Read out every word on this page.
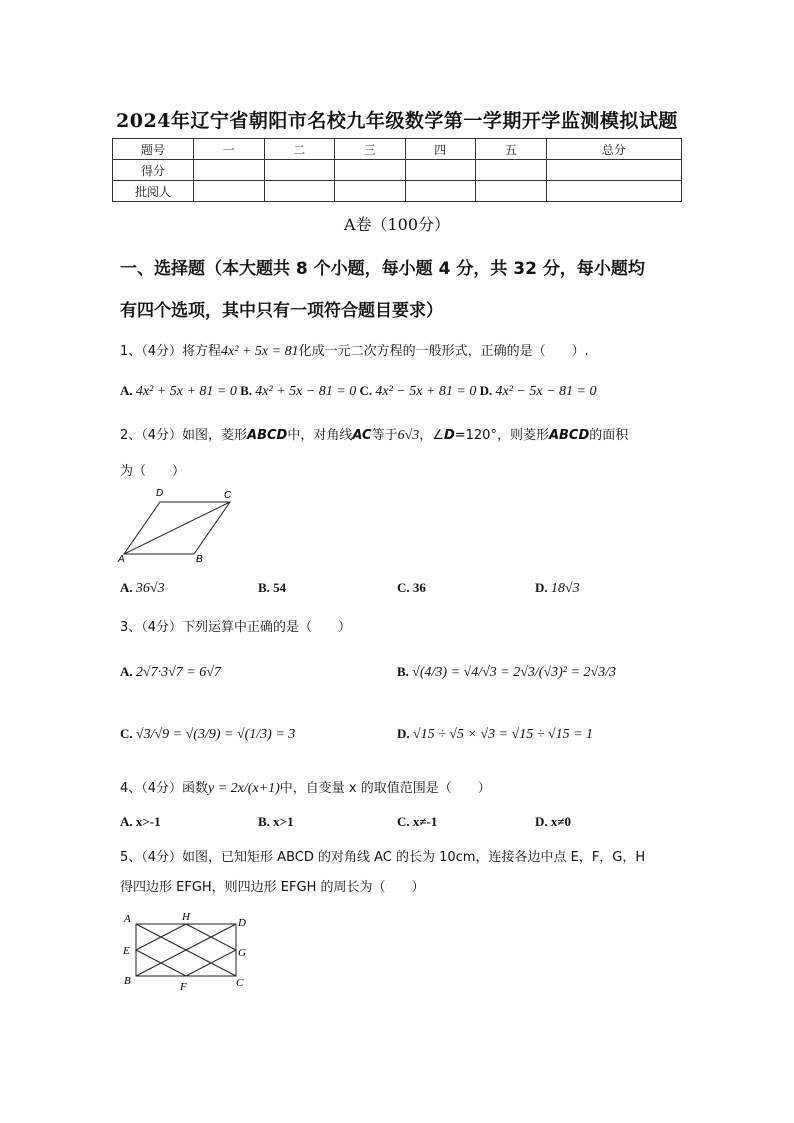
2024年辽宁省朝阳市名校九年级数学第一学期开学监测模拟试题
题号	一	二	三	四	五	总分
得分						
批阅人						
A卷（100分）
一、选择题（本大题共 8 个小题，每小题 4 分，共 32 分，每小题均
有四个选项，其中只有一项符合题目要求）
1、（4分）将方程4x² + 5x = 81化成一元二次方程的一般形式，正确的是（　　）.
A. 4x² + 5x + 81 = 0 B. 4x² + 5x − 81 = 0 C. 4x² − 5x + 81 = 0 D. 4x² − 5x − 81 = 0
2、（4分）如图，菱形ABCD中，对角线AC等于6√3，∠D=120°，则菱形ABCD的面积
为（　　）
A	B
C
D
A. 36√3	B. 54	C. 36	D. 18√3
3、（4分）下列运算中正确的是（　　）
A. 2√7·3√7 = 6√7	B. √(4/3) = √4/√3 = 2√3/(√3)² = 2√3/3
C. √3/√9 = √(3/9) = √(1/3) = 3	D. √15 ÷ √5 × √3 = √15 ÷ √15 = 1
4、（4分）函数y = 2x/(x+1)中，自变量 x 的取值范围是（　　）
A. x>-1	B. x>1	C. x≠-1	D. x≠0
5、（4分）如图，已知矩形 ABCD 的对角线 AC 的长为 10cm，连接各边中点 E，F，G，H
得四边形 EFGH，则四边形 EFGH 的周长为（　　）
A	H	D
E	G
B	F	C
